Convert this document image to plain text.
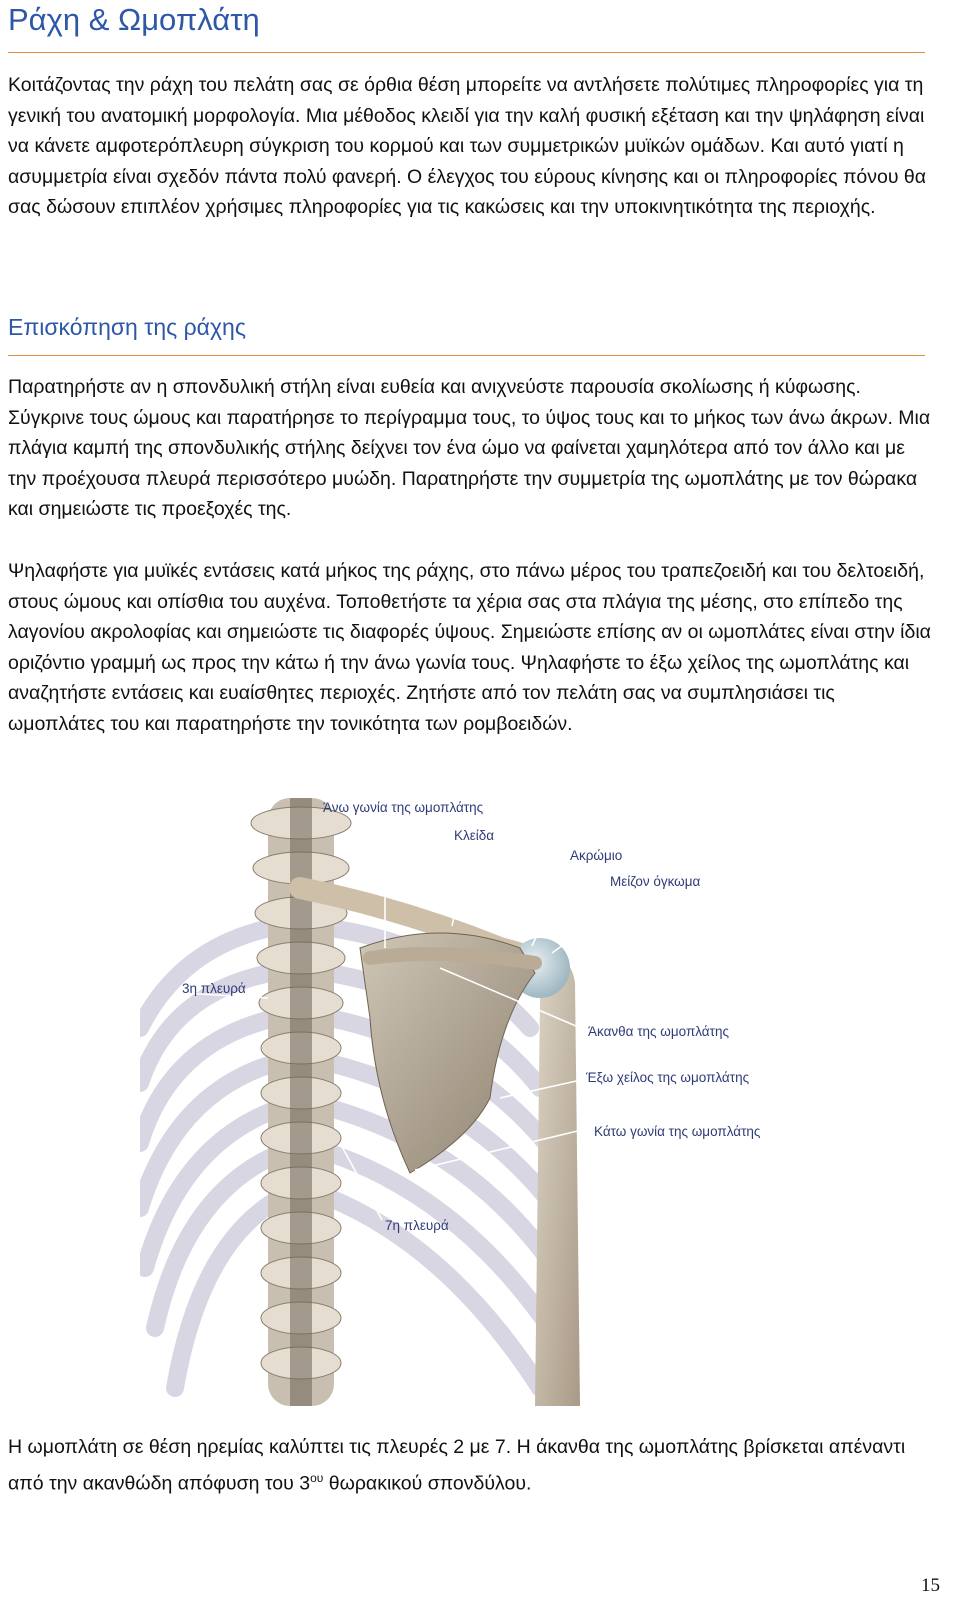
Ράχη & Ωμοπλάτη

Κοιτάζοντας την ράχη του πελάτη σας σε όρθια θέση μπορείτε να αντλήσετε πολύτιμες πληροφορίες για τη γενική του ανατομική μορφολογία. Μια μέθοδος κλειδί για την καλή φυσική εξέταση και την ψηλάφηση είναι να κάνετε αμφοτερόπλευρη σύγκριση του κορμού και των συμμετρικών μυϊκών ομάδων. Και αυτό γιατί η ασυμμετρία είναι σχεδόν πάντα πολύ φανερή. Ο έλεγχος του εύρους κίνησης και οι πληροφορίες πόνου θα σας δώσουν επιπλέον χρήσιμες πληροφορίες για τις κακώσεις και την υποκινητικότητα της περιοχής.

Επισκόπηση της ράχης

Παρατηρήστε αν η σπονδυλική στήλη είναι ευθεία και ανιχνεύστε παρουσία σκολίωσης ή κύφωσης. Σύγκρινε τους ώμους και παρατήρησε το περίγραμμα τους, το ύψος τους και το μήκος των άνω άκρων. Μια πλάγια καμπή της σπονδυλικής στήλης δείχνει τον ένα ώμο να φαίνεται χαμηλότερα από τον άλλο και με την προέχουσα πλευρά περισσότερο μυώδη. Παρατηρήστε την συμμετρία της ωμοπλάτης με τον θώρακα και σημειώστε τις προεξοχές της.

Ψηλαφήστε για μυϊκές εντάσεις κατά μήκος της ράχης, στο πάνω μέρος του τραπεζοειδή και του δελτοειδή, στους ώμους και οπίσθια του αυχένα. Τοποθετήστε τα χέρια σας στα πλάγια της μέσης, στο επίπεδο της λαγονίου ακρολοφίας και σημειώστε τις διαφορές ύψους. Σημειώστε επίσης αν οι ωμοπλάτες είναι στην ίδια οριζόντιο γραμμή ως προς την κάτω ή την άνω γωνία τους. Ψηλαφήστε το έξω χείλος της ωμοπλάτης και αναζητήστε εντάσεις και ευαίσθητες περιοχές. Ζητήστε από τον πελάτη σας να συμπλησιάσει τις ωμοπλάτες του και παρατηρήστε την τονικότητα των ρομβοειδών.

Άνω γωνία της ωμοπλάτης
Κλείδα
Ακρώμιο
Μείζον όγκωμα
3η πλευρά
Άκανθα της ωμοπλάτης
Έξω χείλος της ωμοπλάτης
Κάτω γωνία της ωμοπλάτης
7η πλευρά

Η ωμοπλάτη σε θέση ηρεμίας καλύπτει τις πλευρές 2 με 7. Η άκανθα της ωμοπλάτης βρίσκεται απέναντι από την ακανθώδη απόφυση του $3^{o\upsilon}$ θωρακικού σπονδύλου.

15
